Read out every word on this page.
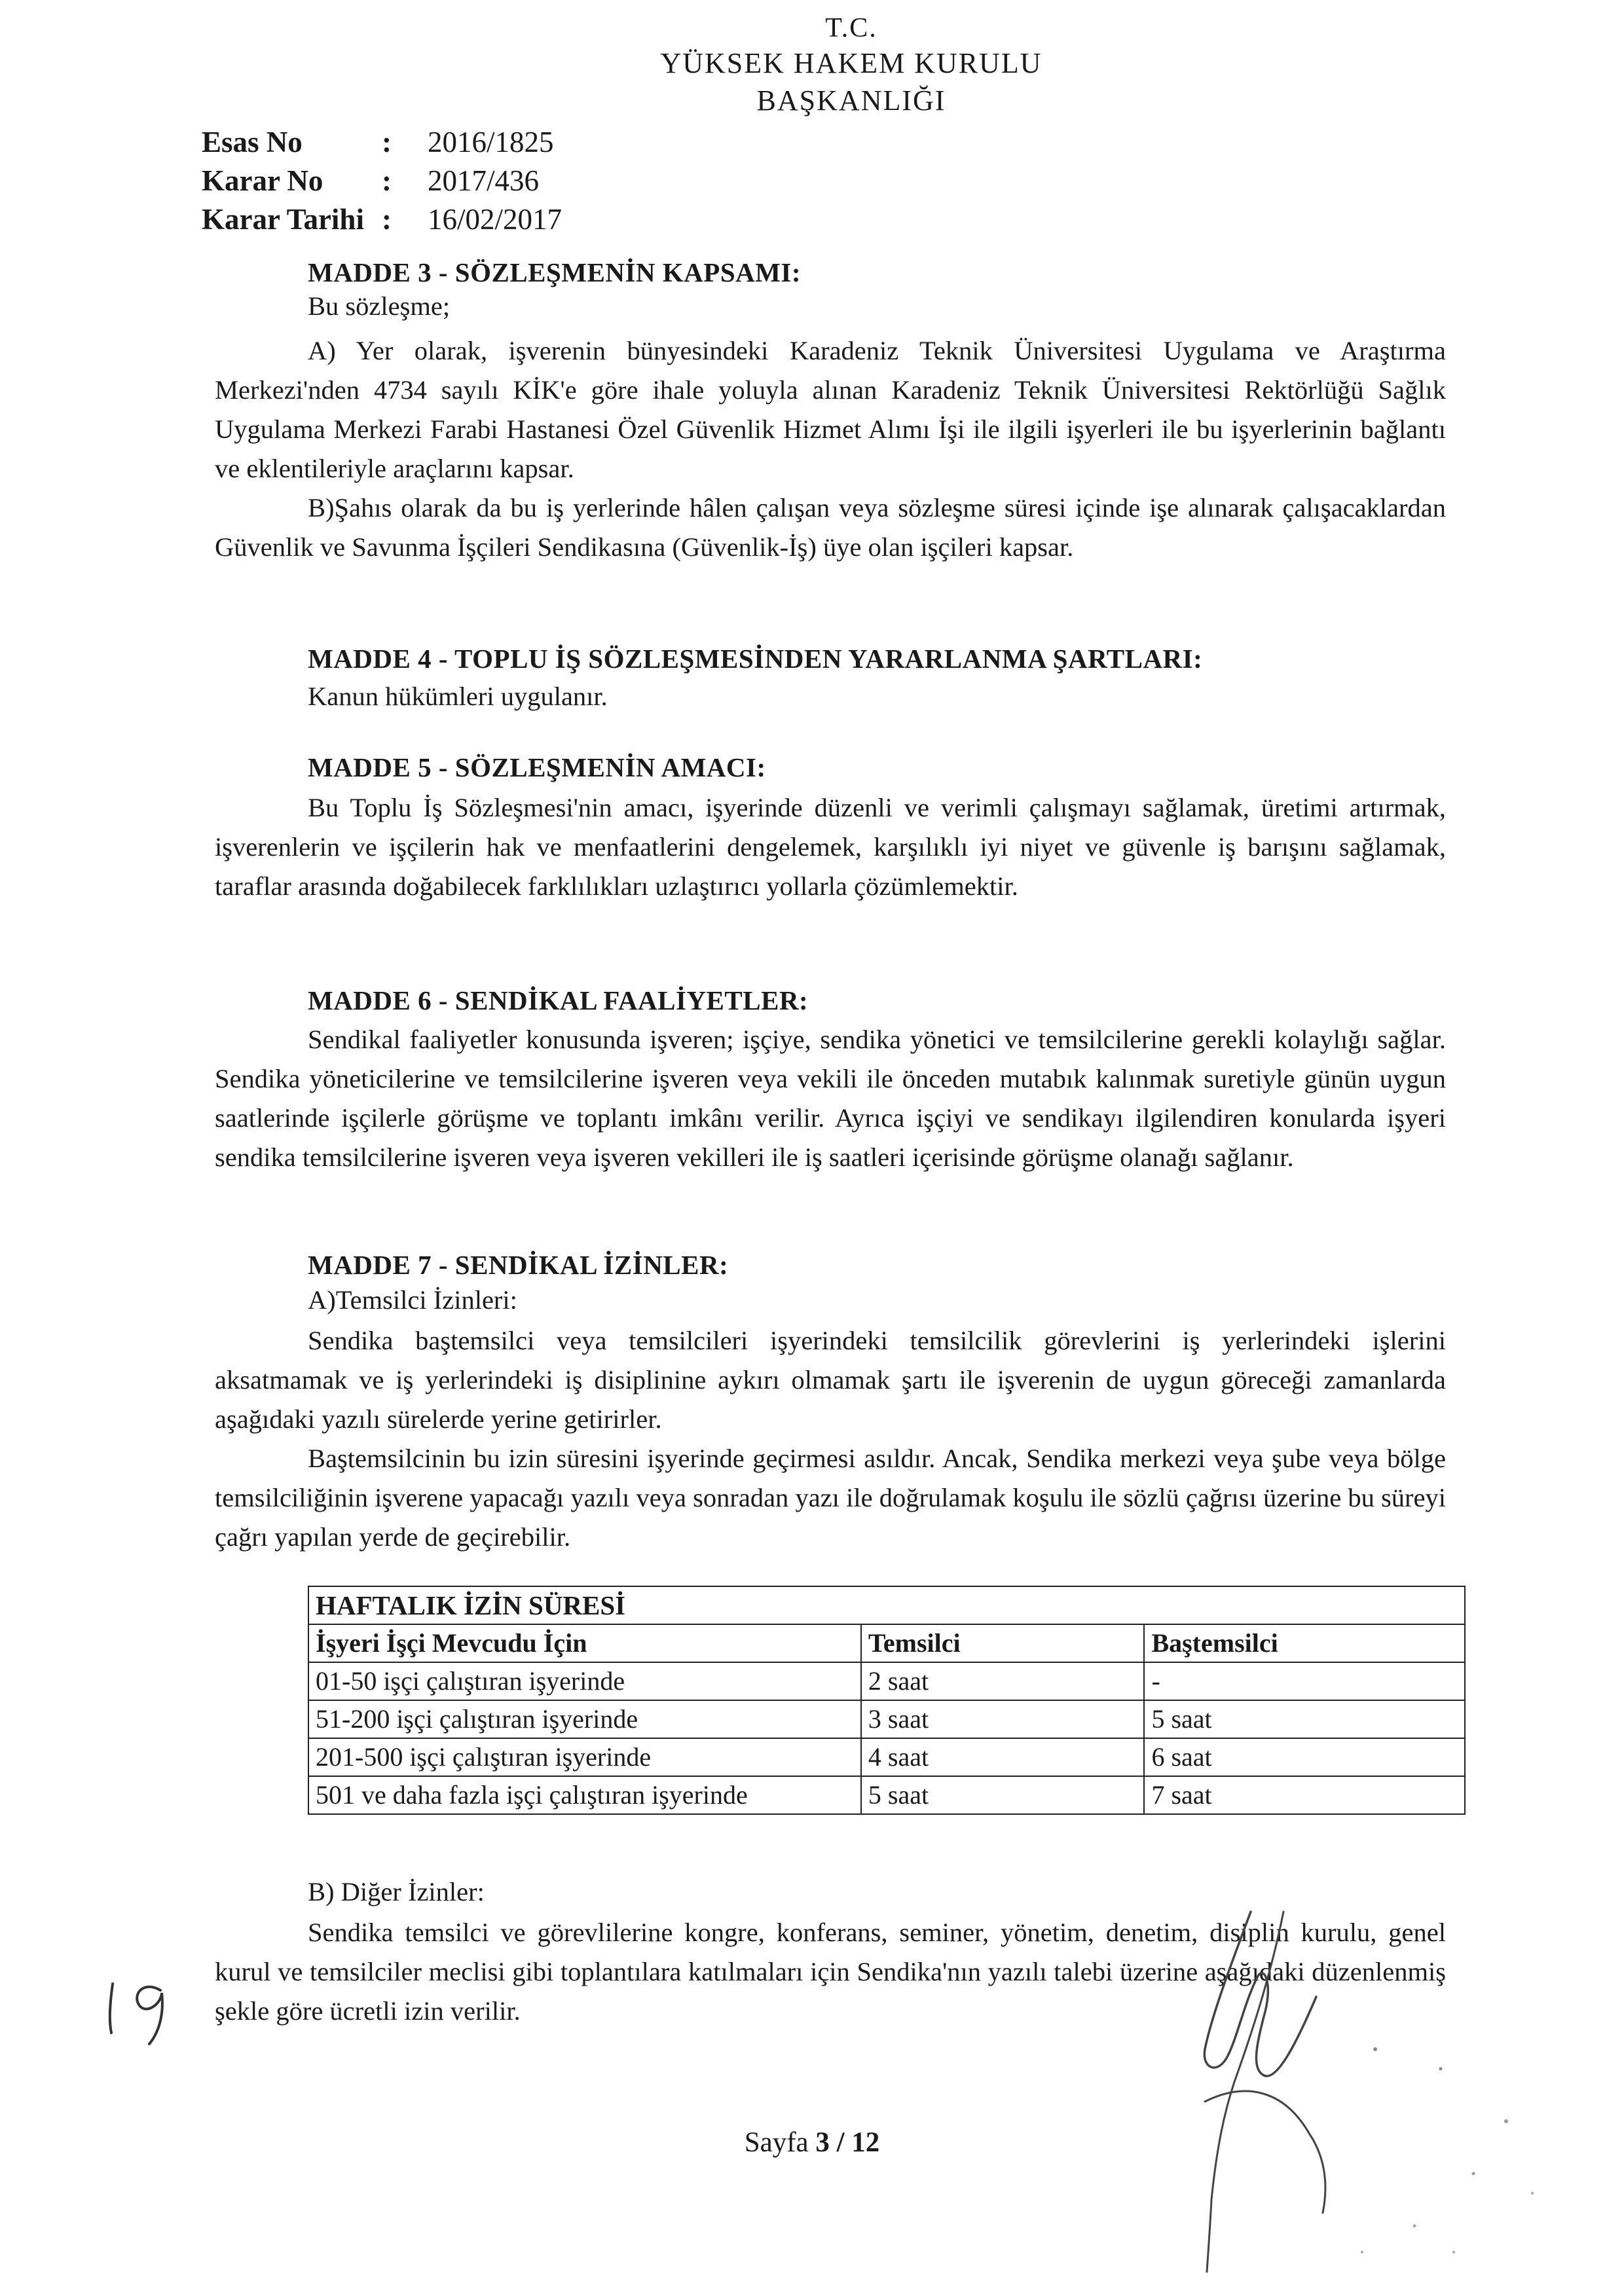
T.C.
YÜKSEK HAKEM KURULU
BAŞKANLIĞI
Esas No	:	2016/1825
Karar No	:	2017/436
Karar Tarihi :	16/02/2017
MADDE 3 - SÖZLEŞMENİN KAPSAMI:
Bu sözleşme;
A) Yer olarak, işverenin bünyesindeki Karadeniz Teknik Üniversitesi Uygulama ve Araştırma Merkezi'nden 4734 sayılı KİK'e göre ihale yoluyla alınan Karadeniz Teknik Üniversitesi Rektörlüğü Sağlık Uygulama Merkezi Farabi Hastanesi Özel Güvenlik Hizmet Alımı İşi ile ilgili işyerleri ile bu işyerlerinin bağlantı ve eklentileriyle araçlarını kapsar.
B)Şahıs olarak da bu iş yerlerinde hâlen çalışan veya sözleşme süresi içinde işe alınarak çalışacaklardan Güvenlik ve Savunma İşçileri Sendikasına (Güvenlik-İş) üye olan işçileri kapsar.
MADDE 4 - TOPLU İŞ SÖZLEŞMESİNDEN YARARLANMA ŞARTLARI:
Kanun hükümleri uygulanır.
MADDE 5 - SÖZLEŞMENİN AMACI:
Bu Toplu İş Sözleşmesi'nin amacı, işyerinde düzenli ve verimli çalışmayı sağlamak, üretimi artırmak, işverenlerin ve işçilerin hak ve menfaatlerini dengelemek, karşılıklı iyi niyet ve güvenle iş barışını sağlamak, taraflar arasında doğabilecek farklılıkları uzlaştırıcı yollarla çözümlemektir.
MADDE 6 - SENDİKAL FAALİYETLER:
Sendikal faaliyetler konusunda işveren; işçiye, sendika yönetici ve temsilcilerine gerekli kolaylığı sağlar. Sendika yöneticilerine ve temsilcilerine işveren veya vekili ile önceden mutabık kalınmak suretiyle günün uygun saatlerinde işçilerle görüşme ve toplantı imkânı verilir. Ayrıca işçiyi ve sendikayı ilgilendiren konularda işyeri sendika temsilcilerine işveren veya işveren vekilleri ile iş saatleri içerisinde görüşme olanağı sağlanır.
MADDE 7 - SENDİKAL İZİNLER:
A)Temsilci İzinleri:
Sendika baştemsilci veya temsilcileri işyerindeki temsilcilik görevlerini iş yerlerindeki işlerini aksatmamak ve iş yerlerindeki iş disiplinine aykırı olmamak şartı ile işverenin de uygun göreceği zamanlarda aşağıdaki yazılı sürelerde yerine getirirler.
Baştemsilcinin bu izin süresini işyerinde geçirmesi asıldır. Ancak, Sendika merkezi veya şube veya bölge temsilciliğinin işverene yapacağı yazılı veya sonradan yazı ile doğrulamak koşulu ile sözlü çağrısı üzerine bu süreyi çağrı yapılan yerde de geçirebilir.
HAFTALIK İZİN SÜRESİ		
İşyeri İşçi Mevcudu İçin	Temsilci	Baştemsilci
01-50 işçi çalıştıran işyerinde	2 saat	-
51-200 işçi çalıştıran işyerinde	3 saat	5 saat
201-500 işçi çalıştıran işyerinde	4 saat	6 saat
501 ve daha fazla işçi çalıştıran işyerinde	5 saat	7 saat
B) Diğer İzinler:
Sendika temsilci ve görevlilerine kongre, konferans, seminer, yönetim, denetim, disiplin kurulu, genel kurul ve temsilciler meclisi gibi toplantılara katılmaları için Sendika'nın yazılı talebi üzerine aşağıdaki düzenlenmiş şekle göre ücretli izin verilir.
Sayfa 3 / 12
